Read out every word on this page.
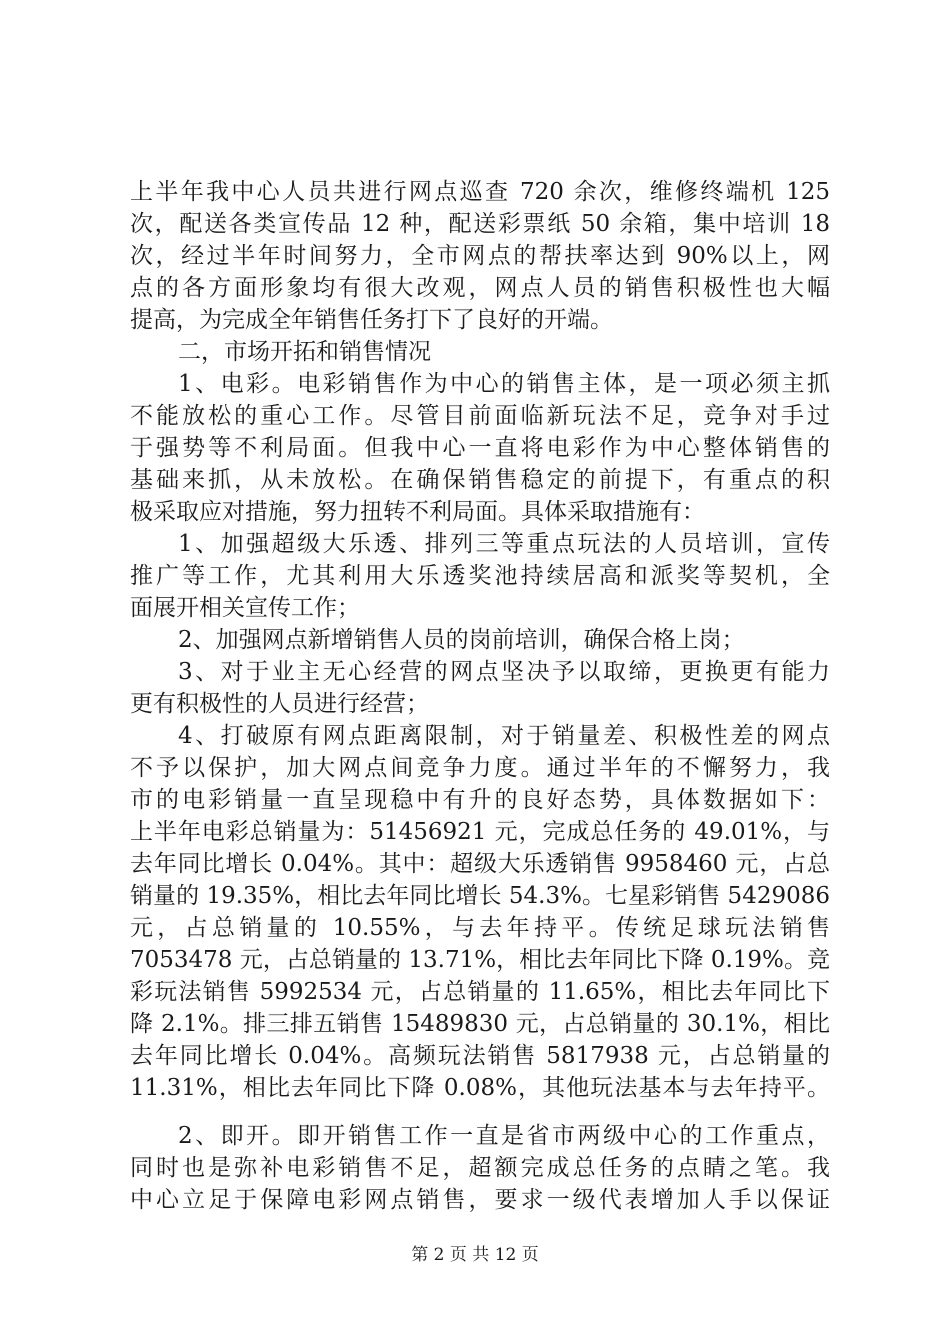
上半年我中心人员共进行网点巡查 720 余次，维修终端机 125
次，配送各类宣传品 12 种，配送彩票纸 50 余箱，集中培训 18
次，经过半年时间努力，全市网点的帮扶率达到 90%以上，网
点的各方面形象均有很大改观，网点人员的销售积极性也大幅
提高，为完成全年销售任务打下了良好的开端。
二，市场开拓和销售情况
1、电彩。电彩销售作为中心的销售主体，是一项必须主抓
不能放松的重心工作。尽管目前面临新玩法不足，竞争对手过
于强势等不利局面。但我中心一直将电彩作为中心整体销售的
基础来抓，从未放松。在确保销售稳定的前提下，有重点的积
极采取应对措施，努力扭转不利局面。具体采取措施有：
1、加强超级大乐透、排列三等重点玩法的人员培训，宣传
推广等工作，尤其利用大乐透奖池持续居高和派奖等契机，全
面展开相关宣传工作；
2、加强网点新增销售人员的岗前培训，确保合格上岗；
3、对于业主无心经营的网点坚决予以取缔，更换更有能力
更有积极性的人员进行经营；
4、打破原有网点距离限制，对于销量差、积极性差的网点
不予以保护，加大网点间竞争力度。通过半年的不懈努力，我
市的电彩销量一直呈现稳中有升的良好态势，具体数据如下：
上半年电彩总销量为：51456921 元，完成总任务的 49.01%，与
去年同比增长 0.04%。其中：超级大乐透销售 9958460 元，占总
销量的 19.35%，相比去年同比增长 54.3%。七星彩销售 5429086
元，占总销量的 10.55%，与去年持平。传统足球玩法销售
7053478 元，占总销量的 13.71%，相比去年同比下降 0.19%。竞
彩玩法销售 5992534 元，占总销量的 11.65%，相比去年同比下
降 2.1%。排三排五销售 15489830 元，占总销量的 30.1%，相比
去年同比增长 0.04%。高频玩法销售 5817938 元，占总销量的
11.31%，相比去年同比下降 0.08%，其他玩法基本与去年持平。
2、即开。即开销售工作一直是省市两级中心的工作重点，
同时也是弥补电彩销售不足，超额完成总任务的点睛之笔。我
中心立足于保障电彩网点销售，要求一级代表增加人手以保证
第 2 页 共 12 页
